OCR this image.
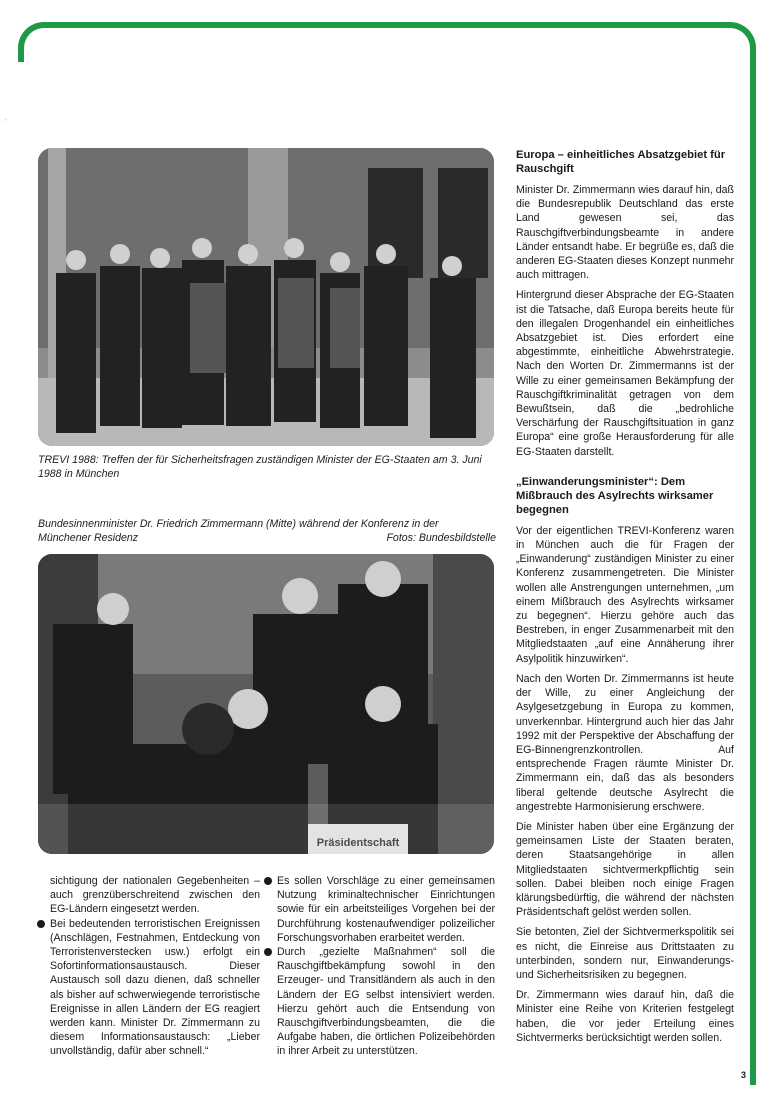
'
TREVI 1988: Treffen der für Sicherheitsfragen zuständigen Minister der EG-Staaten am 3. Juni 1988 in München
Bundesinnenminister Dr. Friedrich Zimmermann (Mitte) während der Konferenz in der
Münchener Residenz	Fotos: Bundesbildstelle
Präsidentschaft
Europa – einheitliches Absatzgebiet für Rauschgift

Minister Dr. Zimmermann wies darauf hin, daß die Bundesrepublik Deutschland das erste Land gewesen sei, das Rauschgiftverbindungsbeamte in andere Länder entsandt habe. Er begrüße es, daß die anderen EG-Staaten dieses Konzept nunmehr auch mittragen.

Hintergrund dieser Absprache der EG-Staaten ist die Tatsache, daß Europa bereits heute für den illegalen Drogenhandel ein einheitliches Absatzgebiet ist. Dies erfordert eine abgestimmte, einheitliche Abwehrstrategie. Nach den Worten Dr. Zimmermanns ist der Wille zu einer gemeinsamen Bekämpfung der Rauschgiftkriminalität getragen von dem Bewußtsein, daß die „bedrohliche Verschärfung der Rauschgiftsituation in ganz Europa“ eine große Herausforderung für alle EG-Staaten darstellt.

„Einwanderungsminister“: Dem Mißbrauch des Asylrechts wirksamer begegnen

Vor der eigentlichen TREVI-Konferenz waren in München auch die für Fragen der „Einwanderung“ zuständigen Minister zu einer Konferenz zusammengetreten. Die Minister wollen alle Anstrengungen unternehmen, „um einem Mißbrauch des Asylrechts wirksamer zu begegnen“. Hierzu gehöre auch das Bestreben, in enger Zusammenarbeit mit den Mitgliedstaaten „auf eine Annäherung ihrer Asylpolitik hinzuwirken“.

Nach den Worten Dr. Zimmermanns ist heute der Wille, zu einer Angleichung der Asylgesetzgebung in Europa zu kommen, unverkennbar. Hintergrund auch hier das Jahr 1992 mit der Perspektive der Abschaffung der EG-Binnengrenzkontrollen. Auf entsprechende Fragen räumte Minister Dr. Zimmermann ein, daß das als besonders liberal geltende deutsche Asylrecht die angestrebte Harmonisierung erschwere.

Die Minister haben über eine Ergänzung der gemeinsamen Liste der Staaten beraten, deren Staatsangehörige in allen Mitgliedstaaten sichtvermerkpflichtig sein sollen. Dabei bleiben noch einige Fragen klärungsbedürftig, die während der nächsten Präsidentschaft gelöst werden sollen.

Sie betonten, Ziel der Sichtvermerkspolitik sei es nicht, die Einreise aus Drittstaaten zu unterbinden, sondern nur, Einwanderungs- und Sicherheitsrisiken zu begegnen.

Dr. Zimmermann wies darauf hin, daß die Minister eine Reihe von Kriterien festgelegt haben, die vor jeder Erteilung eines Sichtvermerks berücksichtigt werden sollen.

sichtigung der nationalen Gegebenheiten – auch grenzüberschreitend zwischen den EG-Ländern eingesetzt werden.

Bei bedeutenden terroristischen Ereignissen (Anschlägen, Festnahmen, Entdeckung von Terroristenverstecken usw.) erfolgt ein Sofortinformationsaustausch. Dieser Austausch soll dazu dienen, daß schneller als bisher auf schwerwiegende terroristische Ereignisse in allen Ländern der EG reagiert werden kann. Minister Dr. Zimmermann zu diesem Informationsaustausch: „Lieber unvollständig, dafür aber schnell.“
Es sollen Vorschläge zu einer gemeinsamen Nutzung kriminaltechnischer Einrichtungen sowie für ein arbeitsteiliges Vorgehen bei der Durchführung kostenaufwendiger polizeilicher Forschungsvorhaben erarbeitet werden.
Durch „gezielte Maßnahmen“ soll die Rauschgiftbekämpfung sowohl in den Erzeuger- und Transitländern als auch in den Ländern der EG selbst intensiviert werden. Hierzu gehört auch die Entsendung von Rauschgiftverbindungsbeamten, die die Aufgabe haben, die örtlichen Polizeibehörden in ihrer Arbeit zu unterstützen.
3
